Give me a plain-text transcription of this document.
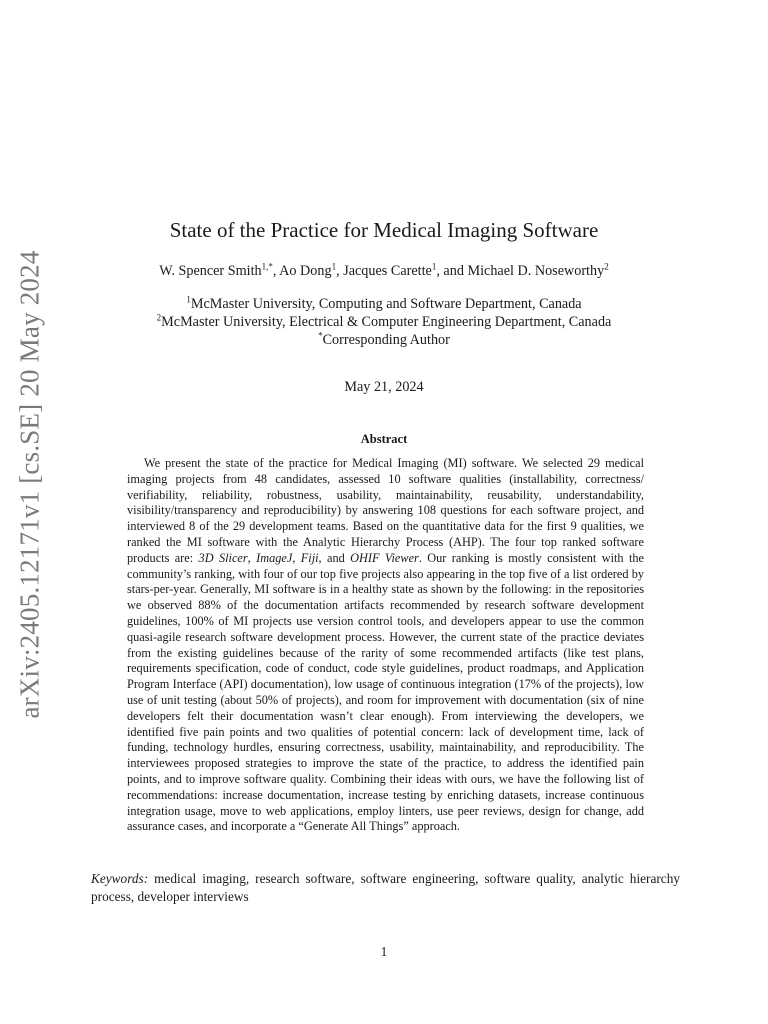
arXiv:2405.12171v1 [cs.SE] 20 May 2024
State of the Practice for Medical Imaging Software
W. Spencer Smith$^{1,*}$, Ao Dong$^1$, Jacques Carette$^1$, and Michael D. Noseworthy$^2$
$^1$McMaster University, Computing and Software Department, Canada
$^2$McMaster University, Electrical & Computer Engineering Department, Canada
*Corresponding Author
May 21, 2024
Abstract

We present the state of the practice for Medical Imaging (MI) software. We selected 29 medical imaging projects from 48 candidates, assessed 10 software qualities (installability, correctness/ verifiability, reliability, robustness, usability, maintainability, reusability, understandability, visibility/transparency and reproducibility) by answering 108 questions for each software project, and interviewed 8 of the 29 development teams. Based on the quantitative data for the first 9 qualities, we ranked the MI software with the Analytic Hierarchy Process (AHP). The four top ranked software products are: 3D Slicer, ImageJ, Fiji, and OHIF Viewer. Our ranking is mostly consistent with the community’s ranking, with four of our top five projects also appearing in the top five of a list ordered by stars-per-year. Generally, MI software is in a healthy state as shown by the following: in the repositories we observed 88% of the documentation artifacts recommended by research software development guidelines, 100% of MI projects use version control tools, and developers appear to use the common quasi-agile research software development process. However, the current state of the practice deviates from the existing guidelines because of the rarity of some recommended artifacts (like test plans, requirements specification, code of conduct, code style guidelines, product roadmaps, and Application Program Interface (API) documentation), low usage of continuous integration (17% of the projects), low use of unit testing (about 50% of projects), and room for improvement with documentation (six of nine developers felt their documentation wasn’t clear enough). From interviewing the developers, we identified five pain points and two qualities of potential concern: lack of development time, lack of funding, technology hurdles, ensuring correctness, usability, maintainability, and reproducibility. The interviewees proposed strategies to improve the state of the practice, to address the identified pain points, and to improve software quality. Combining their ideas with ours, we have the following list of recommendations: increase documentation, increase testing by enriching datasets, increase continuous integration usage, move to web applications, employ linters, use peer reviews, design for change, add assurance cases, and incorporate a “Generate All Things” approach.

Keywords: medical imaging, research software, software engineering, software quality, analytic hierarchy process, developer interviews

1
